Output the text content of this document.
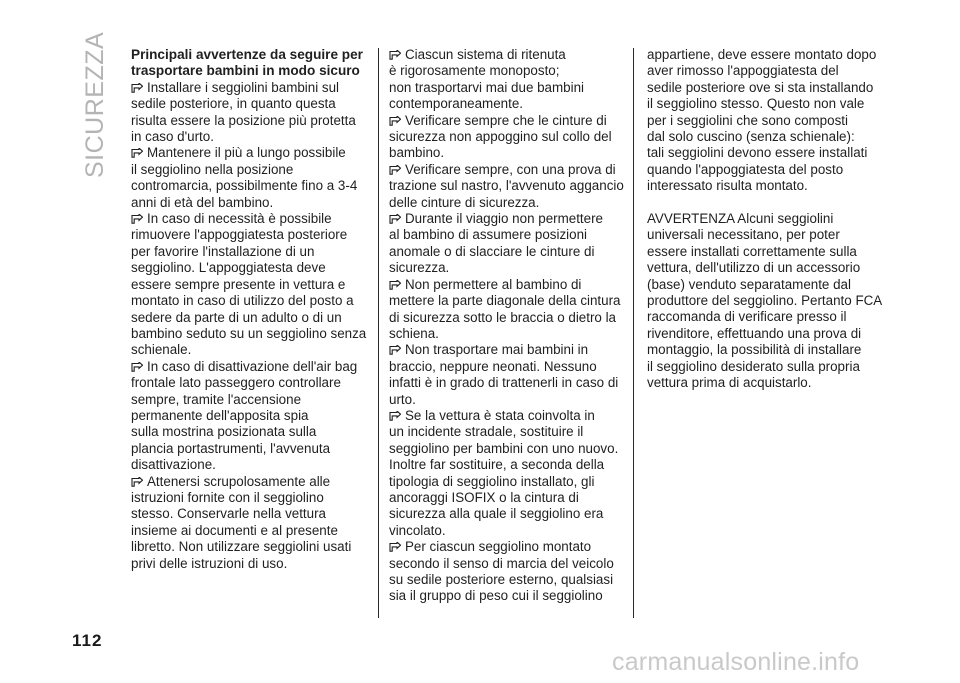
SICUREZZA Principali avvertenze da seguire per
trasportare bambini in modo sicuro

Installare i seggiolini bambini sul
sedile posteriore, in quanto questa
risulta essere la posizione più protetta
in caso d'urto.

Mantenere il più a lungo possibile
il seggiolino nella posizione
contromarcia, possibilmente fino a 3-4
anni di età del bambino.

In caso di necessità è possibile
rimuovere l'appoggiatesta posteriore
per favorire l'installazione di un
seggiolino. L'appoggiatesta deve
essere sempre presente in vettura e
montato in caso di utilizzo del posto a
sedere da parte di un adulto o di un
bambino seduto su un seggiolino senza
schienale.

In caso di disattivazione dell'air bag
frontale lato passeggero controllare
sempre, tramite l'accensione
permanente dell'apposita spia
sulla mostrina posizionata sulla
plancia portastrumenti, l'avvenuta
disattivazione.

Attenersi scrupolosamente alle
istruzioni fornite con il seggiolino
stesso. Conservarle nella vettura
insieme ai documenti e al presente
libretto. Non utilizzare seggiolini usati
privi delle istruzioni di uso.

Ciascun sistema di ritenuta
è rigorosamente monoposto;
non trasportarvi mai due bambini
contemporaneamente.

Verificare sempre che le cinture di
sicurezza non appoggino sul collo del
bambino.

Verificare sempre, con una prova di
trazione sul nastro, l'avvenuto aggancio
delle cinture di sicurezza.

Durante il viaggio non permettere
al bambino di assumere posizioni
anomale o di slacciare le cinture di
sicurezza.

Non permettere al bambino di
mettere la parte diagonale della cintura
di sicurezza sotto le braccia o dietro la
schiena.

Non trasportare mai bambini in
braccio, neppure neonati. Nessuno
infatti è in grado di trattenerli in caso di
urto.

Se la vettura è stata coinvolta in
un incidente stradale, sostituire il
seggiolino per bambini con uno nuovo.
Inoltre far sostituire, a seconda della
tipologia di seggiolino installato, gli
ancoraggi ISOFIX o la cintura di
sicurezza alla quale il seggiolino era
vincolato.

Per ciascun seggiolino montato
secondo il senso di marcia del veicolo
su sedile posteriore esterno, qualsiasi
sia il gruppo di peso cui il seggiolino

appartiene, deve essere montato dopo
aver rimosso l'appoggiatesta del
sedile posteriore ove si sta installando
il seggiolino stesso. Questo non vale
per i seggiolini che sono composti
dal solo cuscino (senza schienale):
tali seggiolini devono essere installati
quando l'appoggiatesta del posto
interessato risulta montato.

AVVERTENZA Alcuni seggiolini
universali necessitano, per poter
essere installati correttamente sulla
vettura, dell'utilizzo di un accessorio
(base) venduto separatamente dal
produttore del seggiolino. Pertanto FCA
raccomanda di verificare presso il
rivenditore, effettuando una prova di
montaggio, la possibilità di installare
il seggiolino desiderato sulla propria
vettura prima di acquistarlo.

112
carmanualsonline.info
